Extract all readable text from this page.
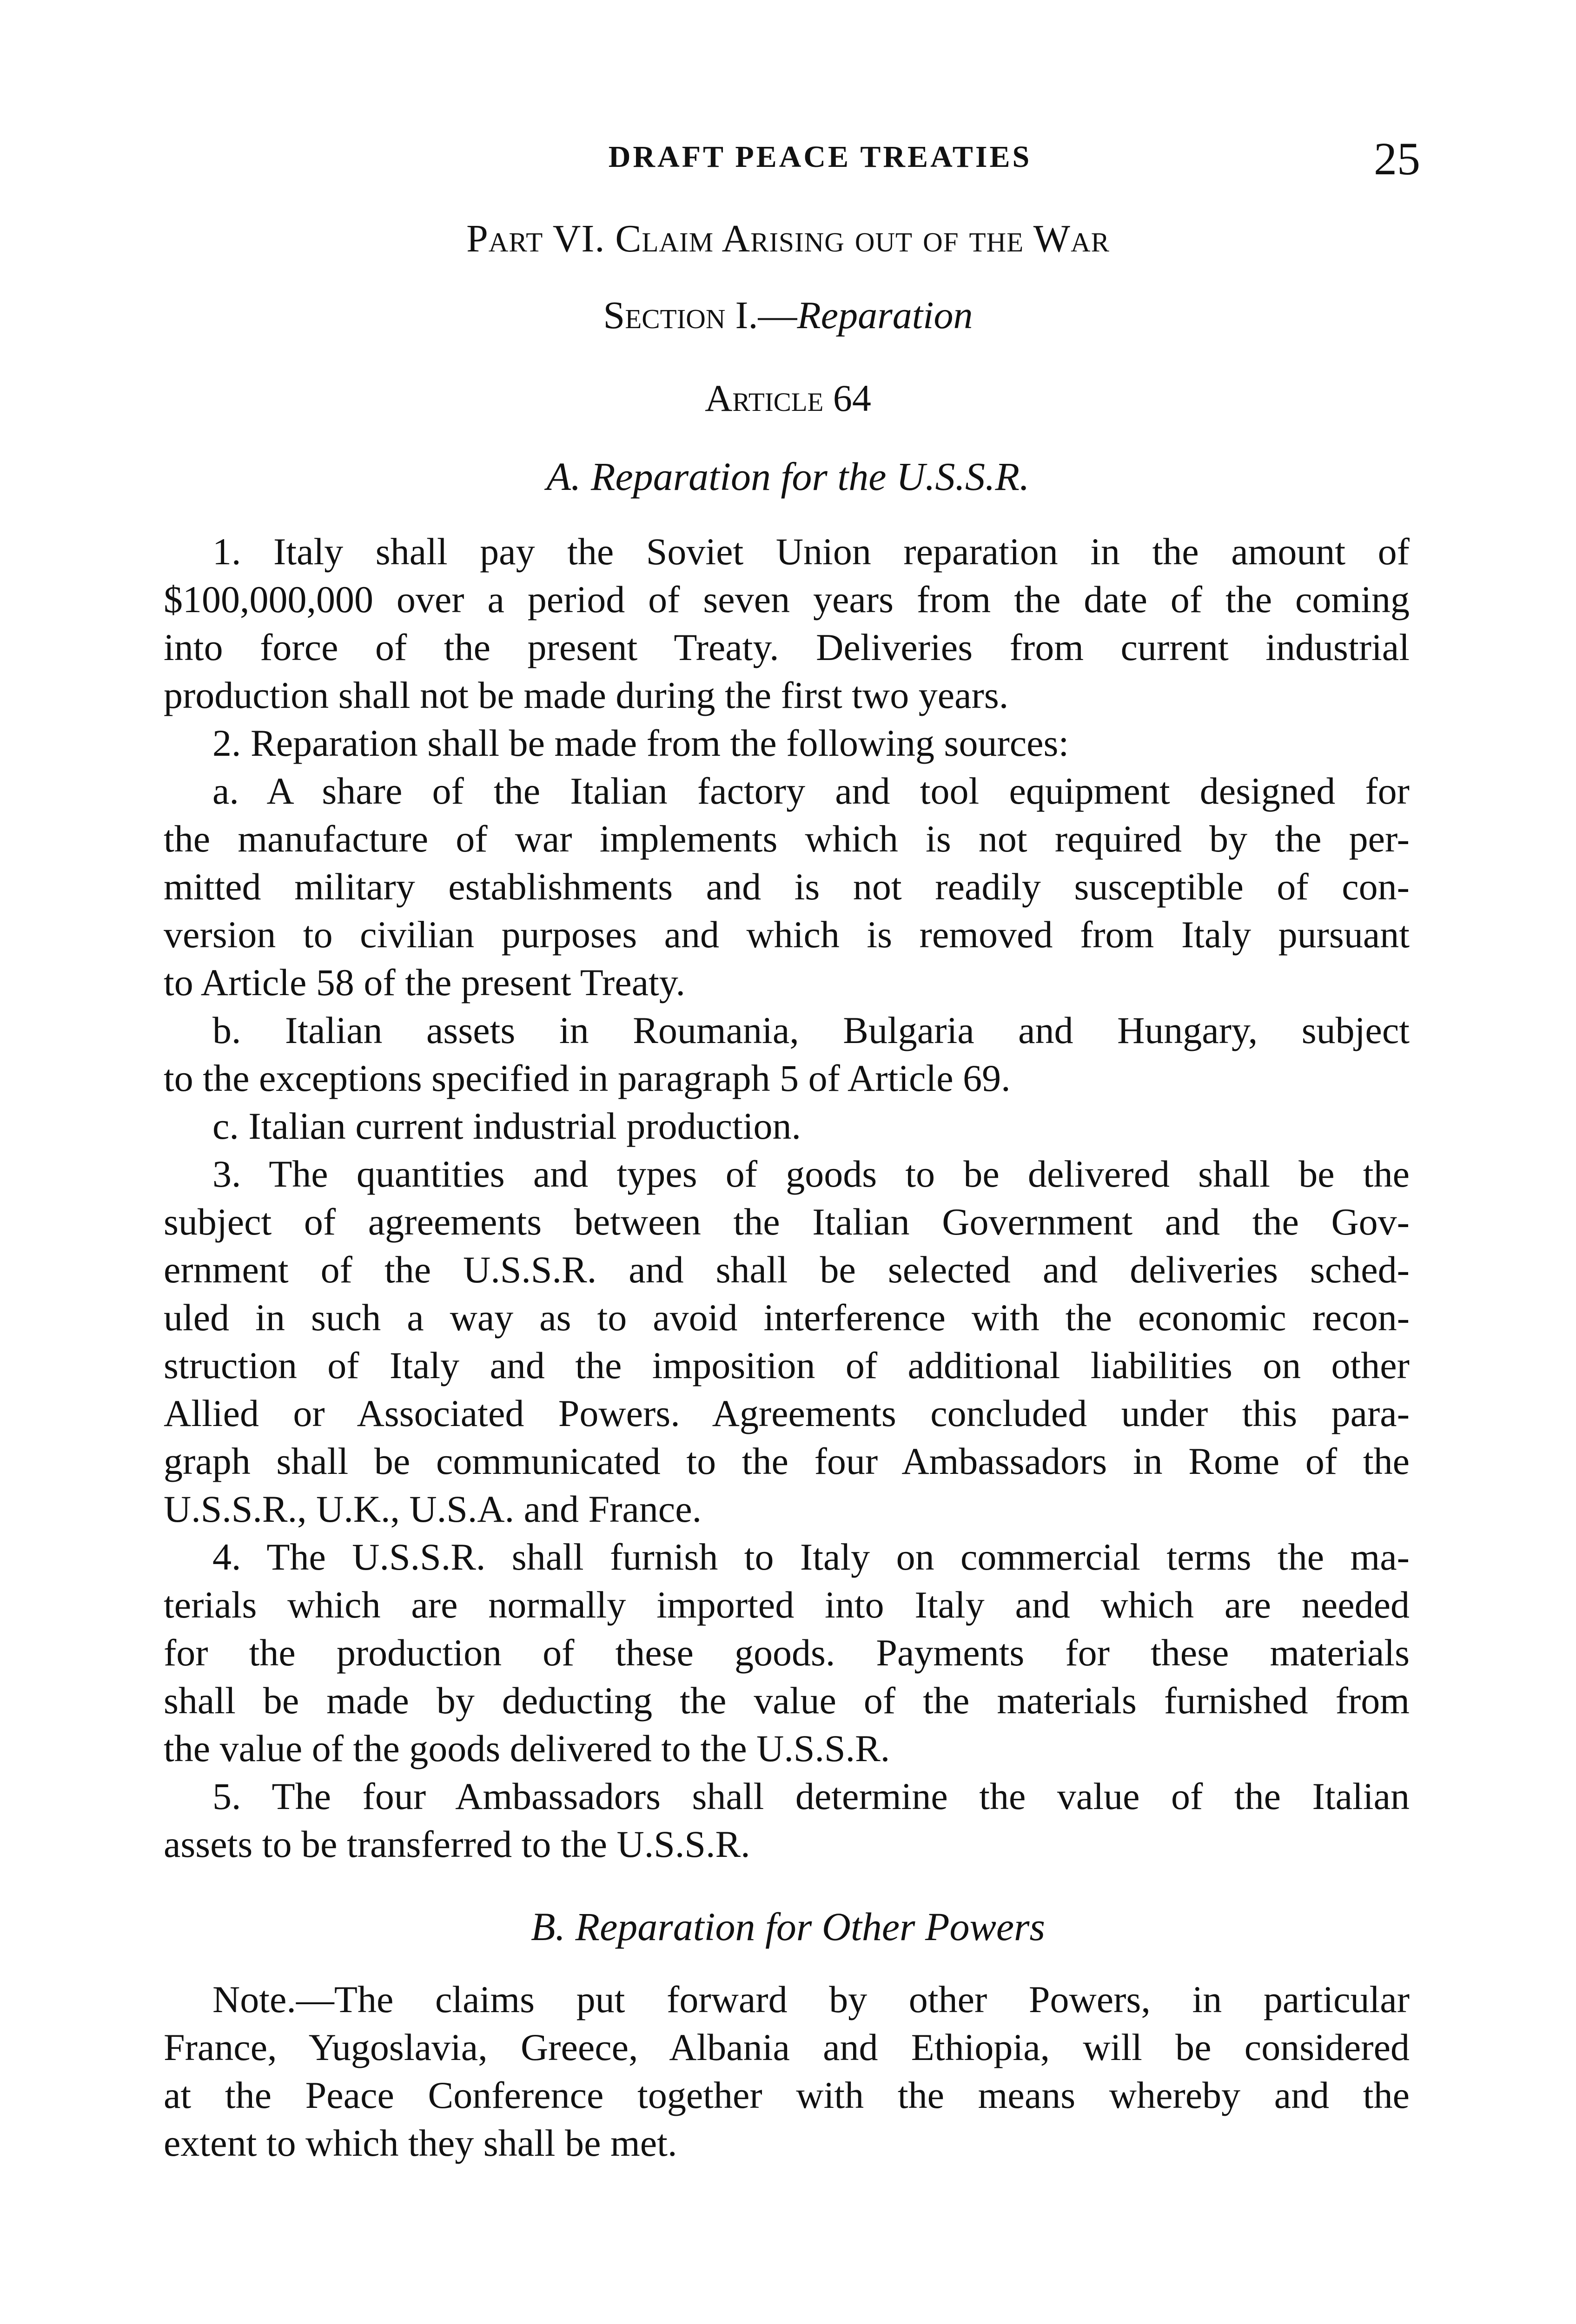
DRAFT PEACE TREATIES	25
Part VI. Claim Arising out of the War
Section I.—Reparation
Article 64
A. Reparation for the U.S.S.R.
1. Italy shall pay the Soviet Union reparation in the amount of
$100,000,000 over a period of seven years from the date of the coming
into force of the present Treaty. Deliveries from current industrial
production shall not be made during the first two years.
2. Reparation shall be made from the following sources:
a. A share of the Italian factory and tool equipment designed for
the manufacture of war implements which is not required by the per-
mitted military establishments and is not readily susceptible of con-
version to civilian purposes and which is removed from Italy pursuant
to Article 58 of the present Treaty.
b. Italian assets in Roumania, Bulgaria and Hungary, subject
to the exceptions specified in paragraph 5 of Article 69.
c. Italian current industrial production.
3. The quantities and types of goods to be delivered shall be the
subject of agreements between the Italian Government and the Gov-
ernment of the U.S.S.R. and shall be selected and deliveries sched-
uled in such a way as to avoid interference with the economic recon-
struction of Italy and the imposition of additional liabilities on other
Allied or Associated Powers. Agreements concluded under this para-
graph shall be communicated to the four Ambassadors in Rome of the
U.S.S.R., U.K., U.S.A. and France.
4. The U.S.S.R. shall furnish to Italy on commercial terms the ma-
terials which are normally imported into Italy and which are needed
for the production of these goods. Payments for these materials
shall be made by deducting the value of the materials furnished from
the value of the goods delivered to the U.S.S.R.
5. The four Ambassadors shall determine the value of the Italian
assets to be transferred to the U.S.S.R.
B. Reparation for Other Powers
Note.—The claims put forward by other Powers, in particular
France, Yugoslavia, Greece, Albania and Ethiopia, will be considered
at the Peace Conference together with the means whereby and the
extent to which they shall be met.
